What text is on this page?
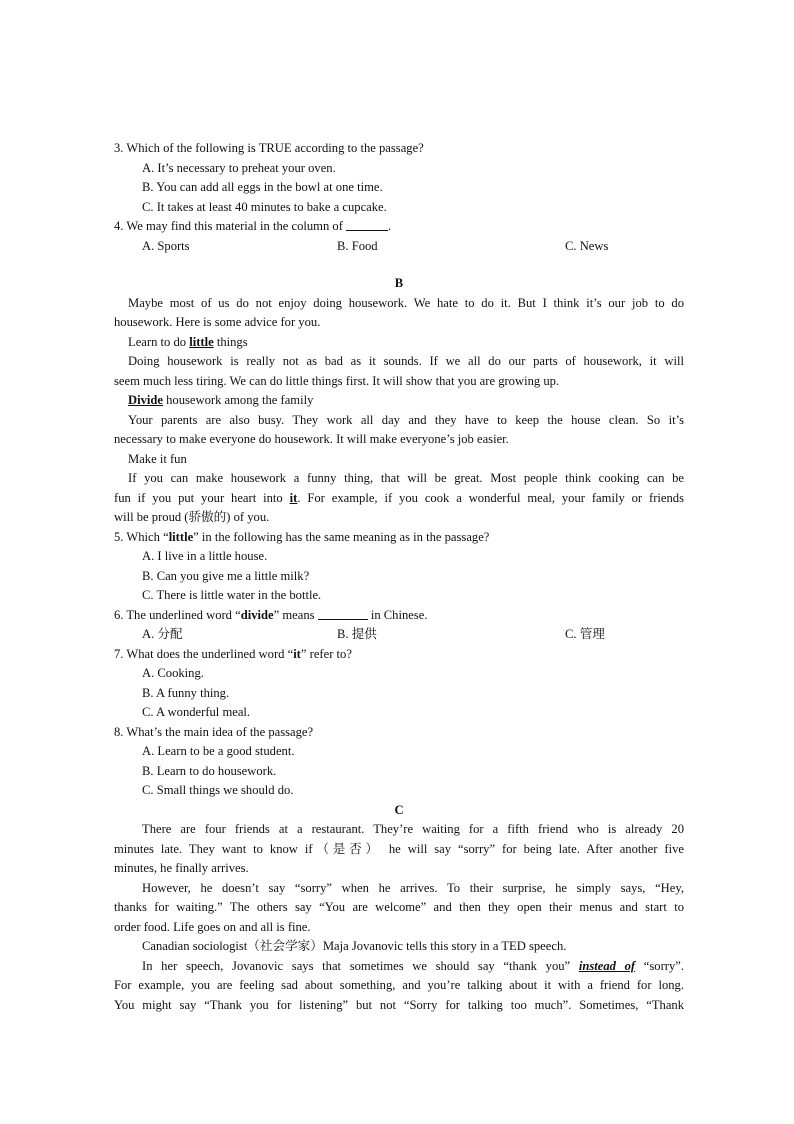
3. Which of the following is TRUE according to the passage?
A. It’s necessary to preheat your oven.
B. You can add all eggs in the bowl at one time.
C. It takes at least 40 minutes to bake a cupcake.
4. We may find this material in the column of	.
A. Sports	B. Food	C. News
B
Maybe most of us do not enjoy doing housework. We hate to do it. But I think it’s our job to do
housework. Here is some advice for you.
Learn to do little things
Doing housework is really not as bad as it sounds. If we all do our parts of housework, it will
seem much less tiring. We can do little things first. It will show that you are growing up.
Divide housework among the family
Your parents are also busy. They work all day and they have to keep the house clean. So it’s
necessary to make everyone do housework. It will make everyone’s job easier.
Make it fun
If you can make housework a funny thing, that will be great. Most people think cooking can be
fun if you put your heart into it. For example, if you cook a wonderful meal, your family or friends
will be proud (骄傲的) of you.
5. Which “little” in the following has the same meaning as in the passage?
A. I live in a little house.
B. Can you give me a little milk?
C. There is little water in the bottle.
6. The underlined word “divide” means	in Chinese.
A. 分配	B. 提供	C. 管理
7. What does the underlined word “it” refer to?
A. Cooking.
B. A funny thing.
C. A wonderful meal.
8. What’s the main idea of the passage?
A. Learn to be a good student.
B. Learn to do housework.
C. Small things we should do.
C
There are four friends at a restaurant. They’re waiting for a fifth friend who is already 20
minutes late. They want to know if（是否） he will say “sorry” for being late. After another five
minutes, he finally arrives.
However, he doesn’t say “sorry” when he arrives. To their surprise, he simply says, “Hey,
thanks for waiting.” The others say “You are welcome” and then they open their menus and start to
order food. Life goes on and all is fine.
Canadian sociologist（社会学家）Maja Jovanovic tells this story in a TED speech.
In her speech, Jovanovic says that sometimes we should say “thank you” instead of “sorry”.
For example, you are feeling sad about something, and you’re talking about it with a friend for long.
You might say “Thank you for listening” but not “Sorry for talking too much”. Sometimes, “Thank
